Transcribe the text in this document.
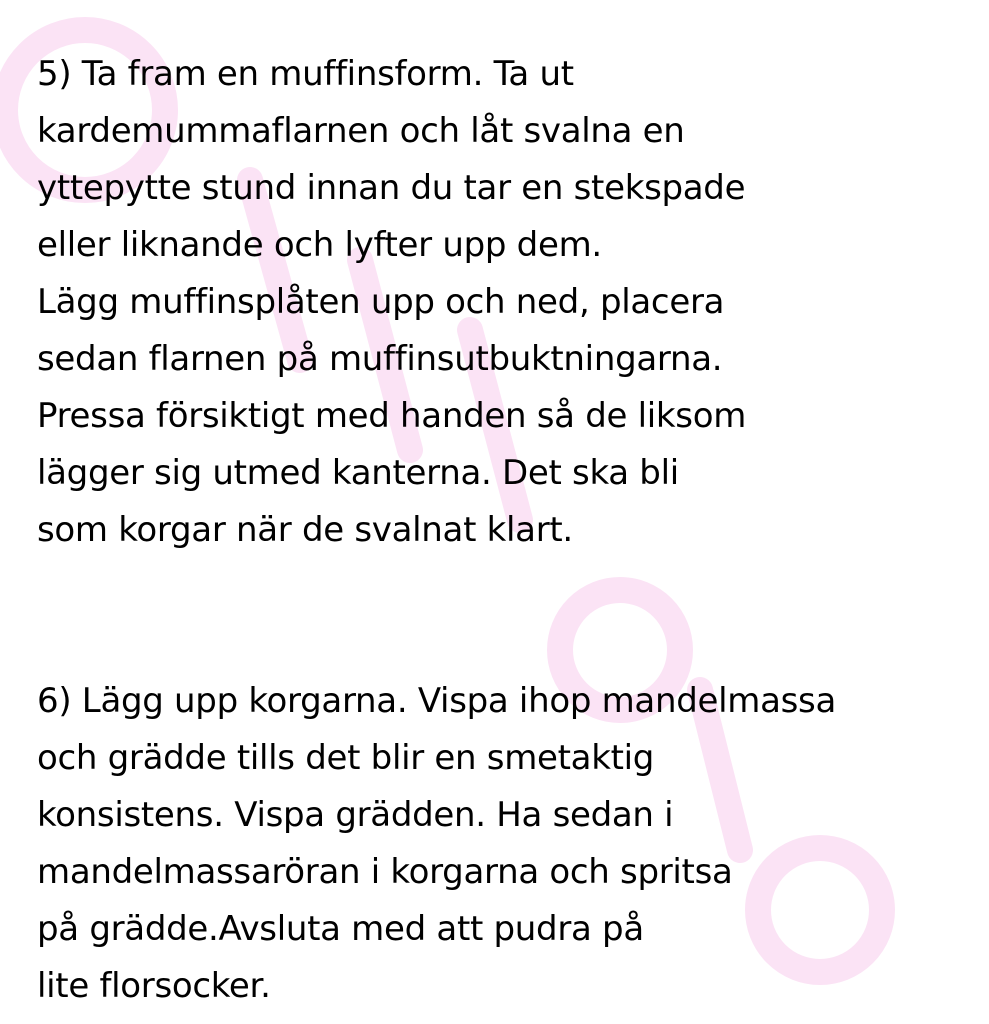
5) Ta fram en muffinsform. Ta ut
kardemummaflarnen och låt svalna en
yttepytte stund innan du tar en stekspade
eller liknande och lyfter upp dem.
Lägg muffinsplåten upp och ned, placera
sedan flarnen på muffinsutbuktningarna.
Pressa försiktigt med handen så de liksom
lägger sig utmed kanterna. Det ska bli
som korgar när de svalnat klart.
6) Lägg upp korgarna. Vispa ihop mandelmassa
och grädde tills det blir en smetaktig
konsistens. Vispa grädden. Ha sedan i
mandelmassaröran i korgarna och spritsa
på grädde.Avsluta med att pudra på
lite florsocker.
